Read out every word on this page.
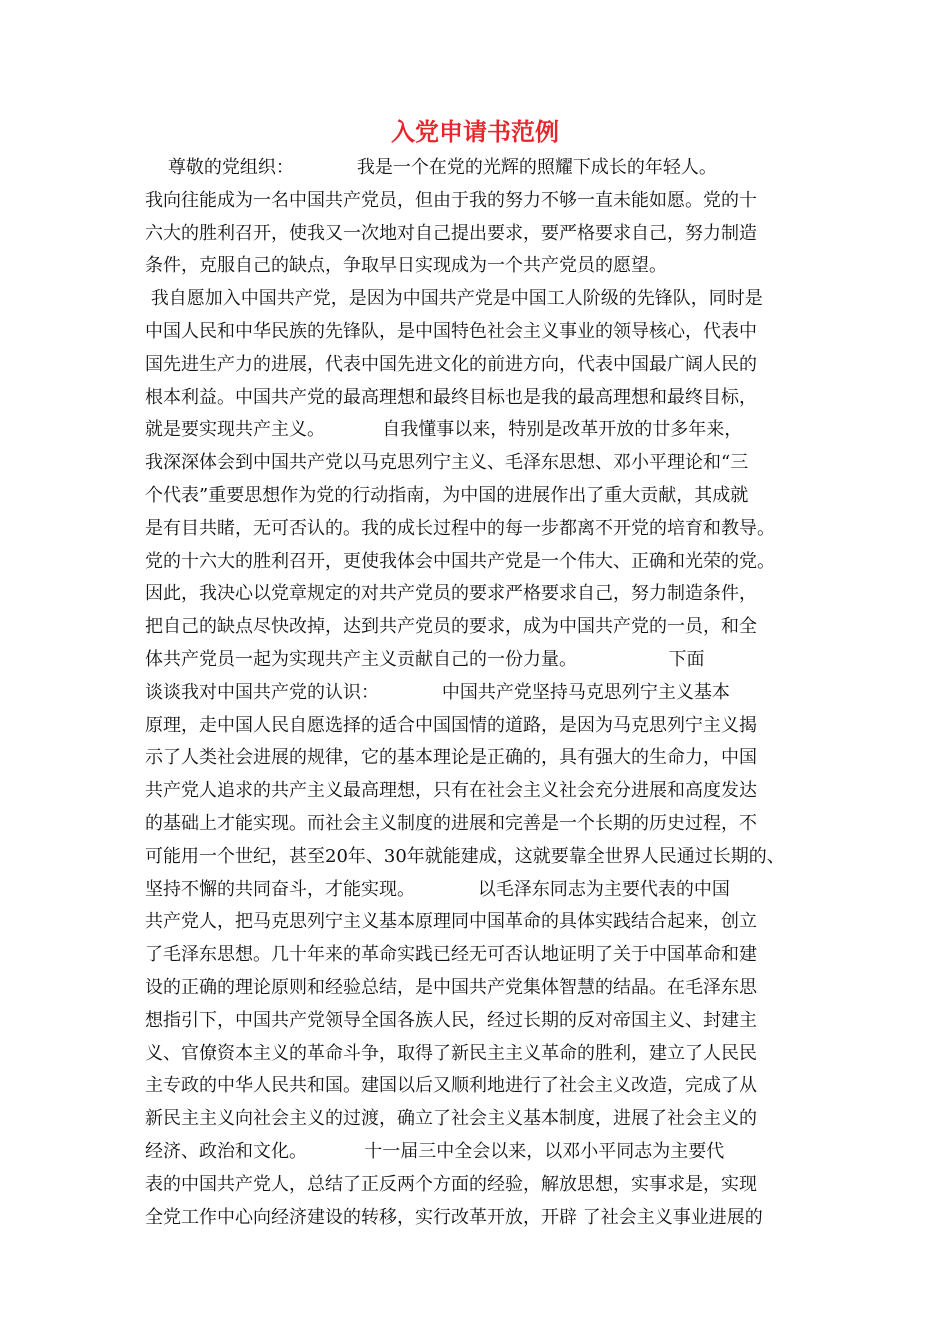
入党申请书范例
尊敬的党组织：           我是一个在党的光辉的照耀下成长的年轻人。
我向往能成为一名中国共产党员，但由于我的努力不够一直未能如愿。党的十
六大的胜利召开，使我又一次地对自己提出要求，要严格要求自己，努力制造
条件，克服自己的缺点，争取早日实现成为一个共产党员的愿望。
我自愿加入中国共产党，是因为中国共产党是中国工人阶级的先锋队，同时是
中国人民和中华民族的先锋队，是中国特色社会主义事业的领导核心，代表中
国先进生产力的进展，代表中国先进文化的前进方向，代表中国最广阔人民的
根本利益。中国共产党的最高理想和最终目标也是我的最高理想和最终目标，
就是要实现共产主义。          自我懂事以来，特别是改革开放的廿多年来，
我深深体会到中国共产党以马克思列宁主义、毛泽东思想、邓小平理论和“三
个代表”重要思想作为党的行动指南，为中国的进展作出了重大贡献，其成就
是有目共睹，无可否认的。我的成长过程中的每一步都离不开党的培育和教导。
党的十六大的胜利召开，更使我体会中国共产党是一个伟大、正确和光荣的党。
因此，我决心以党章规定的对共产党员的要求严格要求自己，努力制造条件，
把自己的缺点尽快改掉，达到共产党员的要求，成为中国共产党的一员，和全
体共产党员一起为实现共产主义贡献自己的一份力量。                下面
谈谈我对中国共产党的认识：           中国共产党坚持马克思列宁主义基本
原理，走中国人民自愿选择的适合中国国情的道路，是因为马克思列宁主义揭
示了人类社会进展的规律，它的基本理论是正确的，具有强大的生命力，中国
共产党人追求的共产主义最高理想，只有在社会主义社会充分进展和高度发达
的基础上才能实现。而社会主义制度的进展和完善是一个长期的历史过程，不
可能用一个世纪，甚至20年、30年就能建成，这就要靠全世界人民通过长期的、
坚持不懈的共同奋斗，才能实现。           以毛泽东同志为主要代表的中国
共产党人，把马克思列宁主义基本原理同中国革命的具体实践结合起来，创立
了毛泽东思想。几十年来的革命实践已经无可否认地证明了关于中国革命和建
设的正确的理论原则和经验总结，是中国共产党集体智慧的结晶。在毛泽东思
想指引下，中国共产党领导全国各族人民，经过长期的反对帝国主义、封建主
义、官僚资本主义的革命斗争，取得了新民主主义革命的胜利，建立了人民民
主专政的中华人民共和国。建国以后又顺利地进行了社会主义改造，完成了从
新民主主义向社会主义的过渡，确立了社会主义基本制度，进展了社会主义的
经济、政治和文化。          十一届三中全会以来，以邓小平同志为主要代
表的中国共产党人，总结了正反两个方面的经验，解放思想，实事求是，实现
全党工作中心向经济建设的转移，实行改革开放，开辟 了社会主义事业进展的
